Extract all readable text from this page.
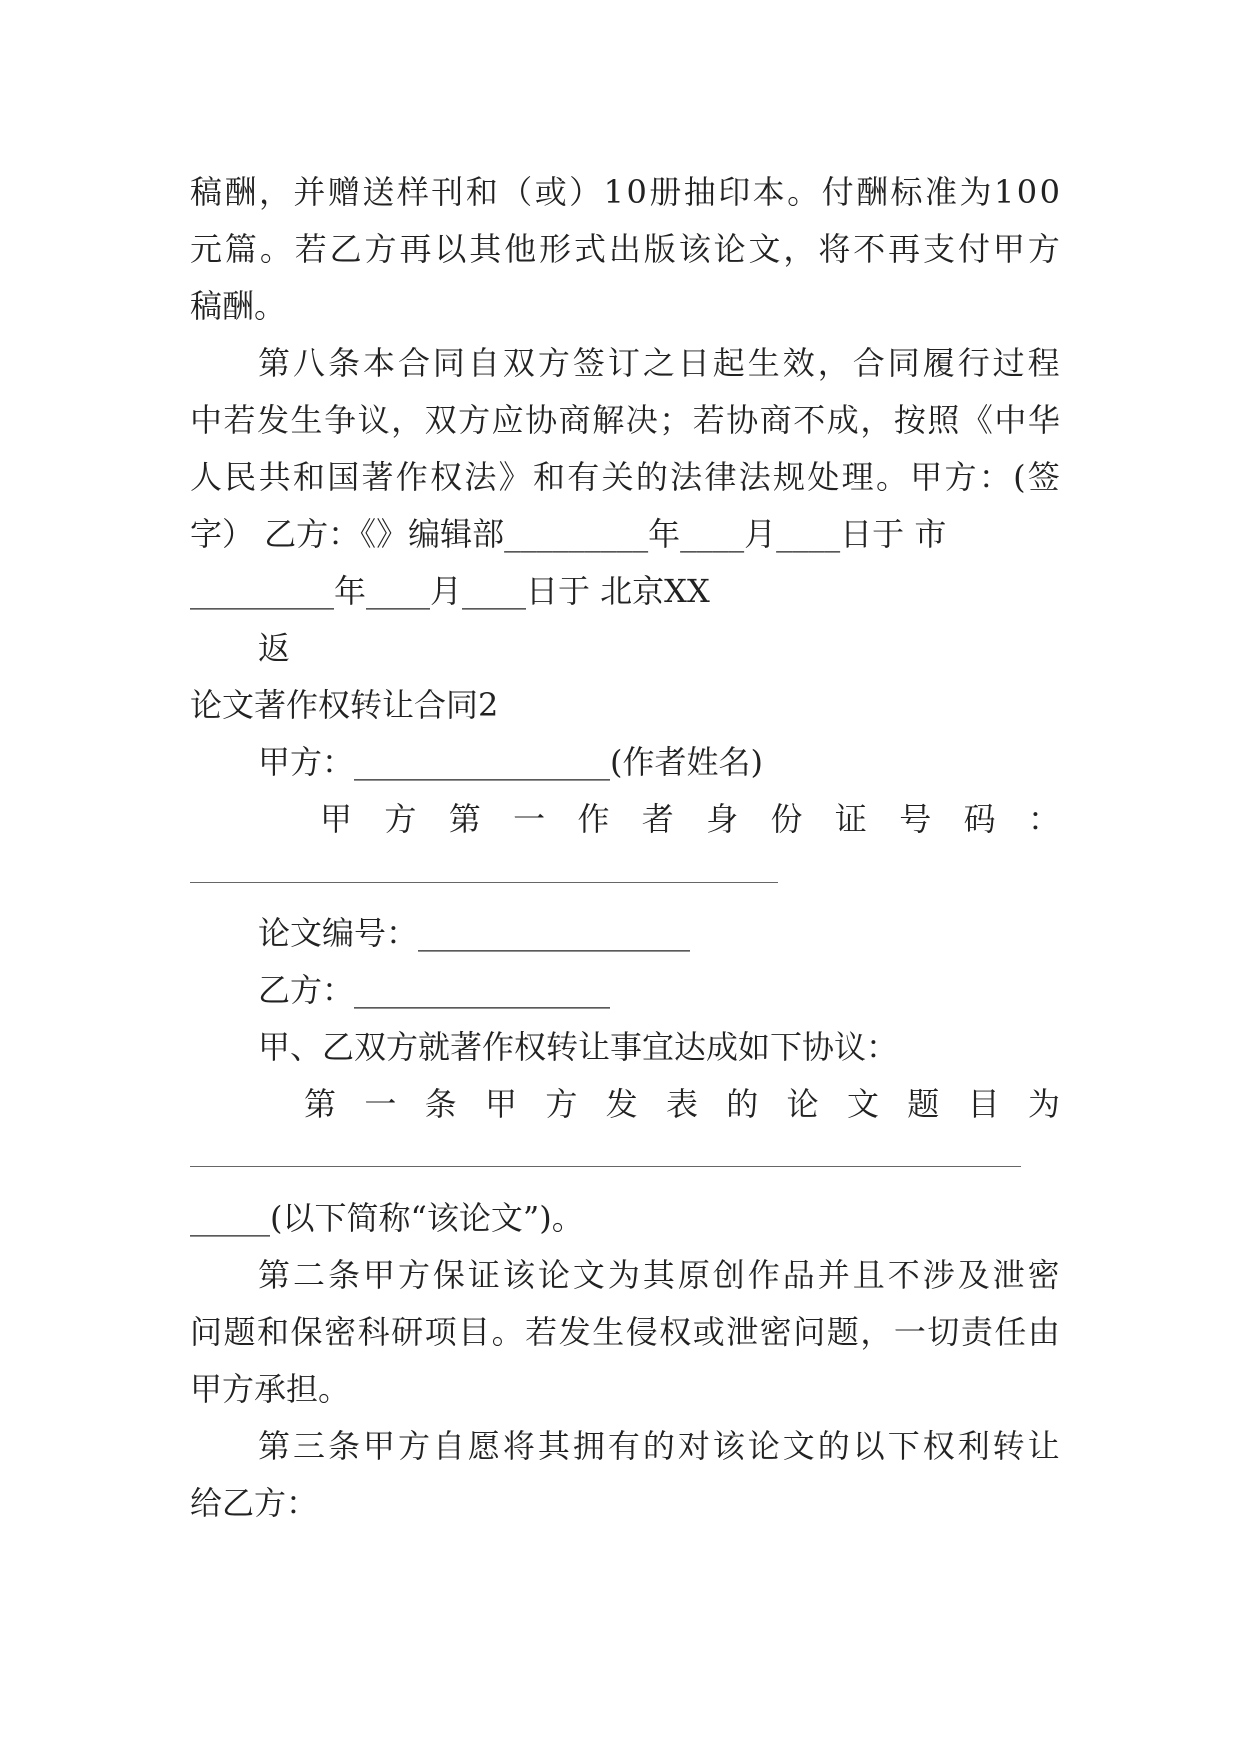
稿 酬 ， 并 赠 送 样 刊 和 （ 或 ） 1 0 册 抽 印 本 。 付 酬 标 准 为 1 0 0
元 篇 。 若 乙 方 再 以 其 他 形 式 出 版 该 论 文 ， 将 不 再 支 付 甲 方
稿酬。
第 八 条 本 合 同 自 双 方 签 订 之 日 起 生 效 ， 合 同 履 行 过 程
中 若 发 生 争 议 ， 双 方 应 协 商 解 决 ； 若 协 商 不 成 ， 按 照 《 中 华
人 民 共 和 国 著 作 权 法 》 和 有 关 的 法 律 法 规 处 理 。 甲 方 ： ( 签
字） 乙方：《》编辑部_________年____月____日于 市
_________年____月____日于 北京XX
返
论文著作权转让合同2
甲方：________________(作者姓名)
甲 方 第 一 作 者 身 份 证 号 码 ：
论文编号：_________________
乙方：________________
甲、乙双方就著作权转让事宜达成如下协议：
第 一 条 甲 方 发 表 的 论 文 题 目 为
_____(以下简称“该论文”)。
第 二 条 甲 方 保 证 该 论 文 为 其 原 创 作 品 并 且 不 涉 及 泄 密
问 题 和 保 密 科 研 项 目 。 若 发 生 侵 权 或 泄 密 问 题 ， 一 切 责 任 由
甲方承担。
第 三 条 甲 方 自 愿 将 其 拥 有 的 对 该 论 文 的 以 下 权 利 转 让
给乙方：
